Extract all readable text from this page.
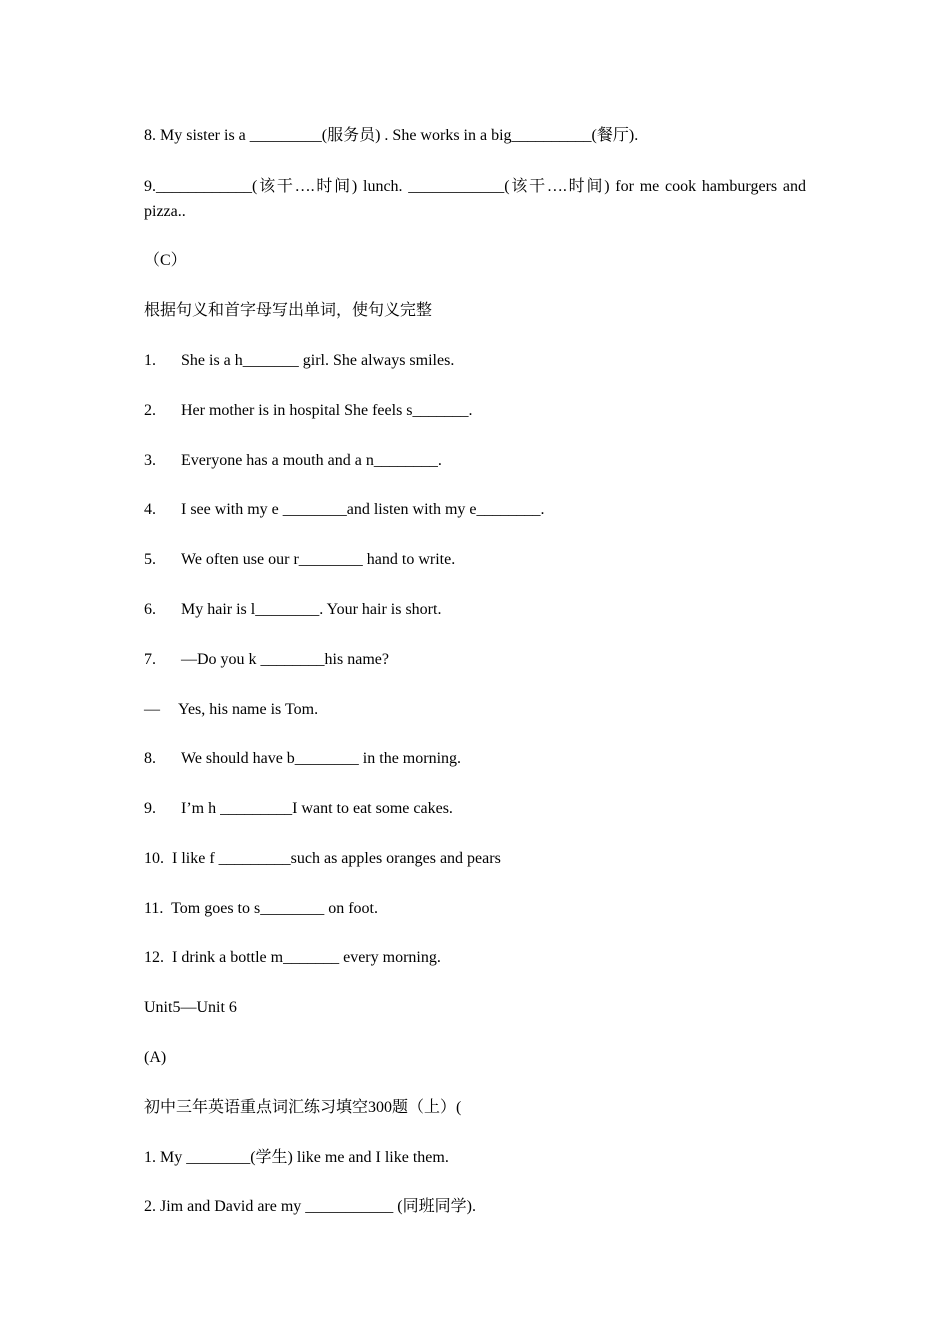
8. My sister is a _________(服务员) . She works in a big__________(餐厅).
9.____________(该干….时间) lunch. ____________(该干….时间) for me cook hamburgers and pizza..
（C）
根据句义和首字母写出单词，使句义完整
1. She is a h_______ girl. She always smiles.
2. Her mother is in hospital She feels s_______.
3. Everyone has a mouth and a n________.
4. I see with my e ________and listen with my e________.
5. We often use our r________ hand to write.
6. My hair is l________. Your hair is short.
7. —Do you k ________his name?
— Yes, his name is Tom.
8. We should have b________ in the morning.
9. I’m h _________I want to eat some cakes.
10.  I like f _________such as apples oranges and pears
11.  Tom goes to s________ on foot.
12.  I drink a bottle m_______ every morning.
Unit5—Unit 6
(A)
初中三年英语重点词汇练习填空300题（上）(
1. My ________(学生) like me and I like them.
2. Jim and David are my ___________ (同班同学).
